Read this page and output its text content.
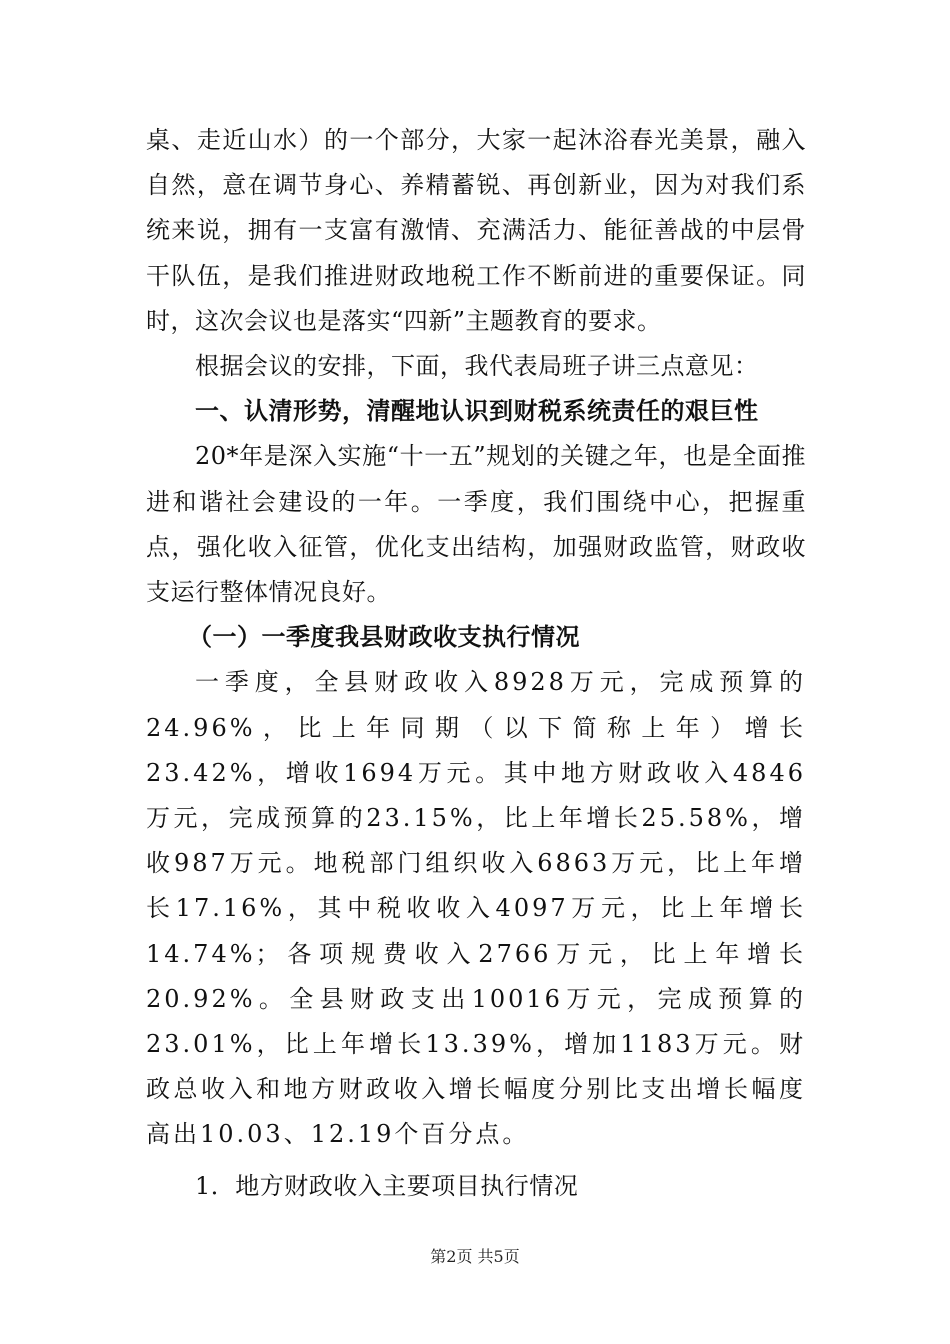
桌、走近山水）的一个部分，大家一起沐浴春光美景，融入自然，意在调节身心、养精蓄锐、再创新业，因为对我们系统来说，拥有一支富有激情、充满活力、能征善战的中层骨干队伍，是我们推进财政地税工作不断前进的重要保证。同时，这次会议也是落实“四新”主题教育的要求。

根据会议的安排，下面，我代表局班子讲三点意见：

一、认清形势，清醒地认识到财税系统责任的艰巨性

20*年是深入实施“十一五”规划的关键之年，也是全面推进和谐社会建设的一年。一季度，我们围绕中心，把握重点，强化收入征管，优化支出结构，加强财政监管，财政收支运行整体情况良好。

（一）一季度我县财政收支执行情况

一季度，全县财政收入8928万元，完成预算的24.96%，比上年同期（以下简称上年）增长23.42%，增收1694万元。其中地方财政收入4846万元，完成预算的23.15%，比上年增长25.58%，增收987万元。地税部门组织收入6863万元，比上年增长17.16%，其中税收收入4097万元，比上年增长14.74%；各项规费收入2766万元，比上年增长20.92%。全县财政支出10016万元，完成预算的23.01%，比上年增长13.39%，增加1183万元。财政总收入和地方财政收入增长幅度分别比支出增长幅度高出10.03、12.19个百分点。

1．地方财政收入主要项目执行情况

第2页 共5页
